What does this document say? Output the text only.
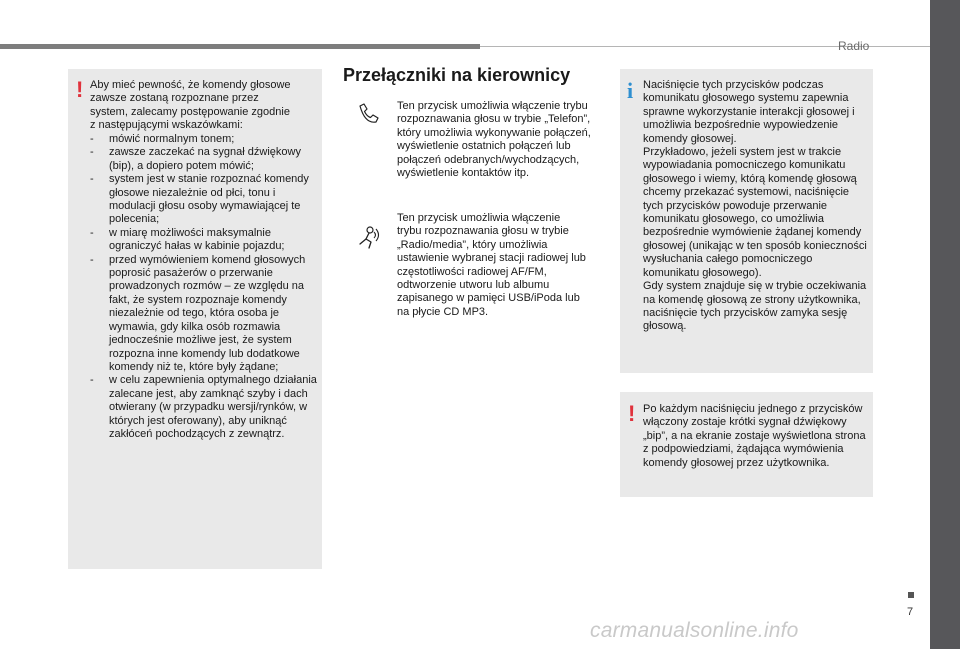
Radio
! Aby mieć pewność, że komendy głosowe
zawsze zostaną rozpoznane przez
system, zalecamy postępowanie zgodnie
z następującymi wskazówkami:
- mówić normalnym tonem;
- zawsze zaczekać na sygnał dźwiękowy (bip), a dopiero potem mówić;
- system jest w stanie rozpoznać komendy głosowe niezależnie od płci, tonu i modulacji głosu osoby wymawiającej te polecenia;
- w miarę możliwości maksymalnie ograniczyć hałas w kabinie pojazdu;
- przed wymówieniem komend głosowych poprosić pasażerów o przerwanie prowadzonych rozmów – ze względu na fakt, że system rozpoznaje komendy niezależnie od tego, która osoba je wymawia, gdy kilka osób rozmawia jednocześnie możliwe jest, że system rozpozna inne komendy lub dodatkowe komendy niż te, które były żądane;
- w celu zapewnienia optymalnego działania zalecane jest, aby zamknąć szyby i dach otwierany (w przypadku wersji/rynków, w których jest oferowany), aby uniknąć zakłóceń pochodzących z zewnątrz.
Przełączniki na kierownicy
Ten przycisk umożliwia włączenie trybu rozpoznawania głosu w trybie „Telefon”, który umożliwia wykonywanie połączeń, wyświetlenie ostatnich połączeń lub połączeń odebranych/wychodzących, wyświetlenie kontaktów itp.
Ten przycisk umożliwia włączenie trybu rozpoznawania głosu w trybie „Radio/media”, który umożliwia ustawienie wybranej stacji radiowej lub częstotliwości radiowej AF/FM, odtworzenie utworu lub albumu zapisanego w pamięci USB/iPoda lub na płycie CD MP3.
i Naciśnięcie tych przycisków podczas komunikatu głosowego systemu zapewnia sprawne wykorzystanie interakcji głosowej i umożliwia bezpośrednie wypowiedzenie komendy głosowej.
Przykładowo, jeżeli system jest w trakcie wypowiadania pomocniczego komunikatu głosowego i wiemy, którą komendę głosową chcemy przekazać systemowi, naciśnięcie tych przycisków powoduje przerwanie komunikatu głosowego, co umożliwia bezpośrednie wymówienie żądanej komendy głosowej (unikając w ten sposób konieczności wysłuchania całego pomocniczego komunikatu głosowego).
Gdy system znajduje się w trybie oczekiwania na komendę głosową ze strony użytkownika, naciśnięcie tych przycisków zamyka sesję głosową.
! Po każdym naciśnięciu jednego z przycisków włączony zostaje krótki sygnał dźwiękowy „bip”, a na ekranie zostaje wyświetlona strona z podpowiedziami, żądająca wymówienia komendy głosowej przez użytkownika.
7
carmanualsonline.info
